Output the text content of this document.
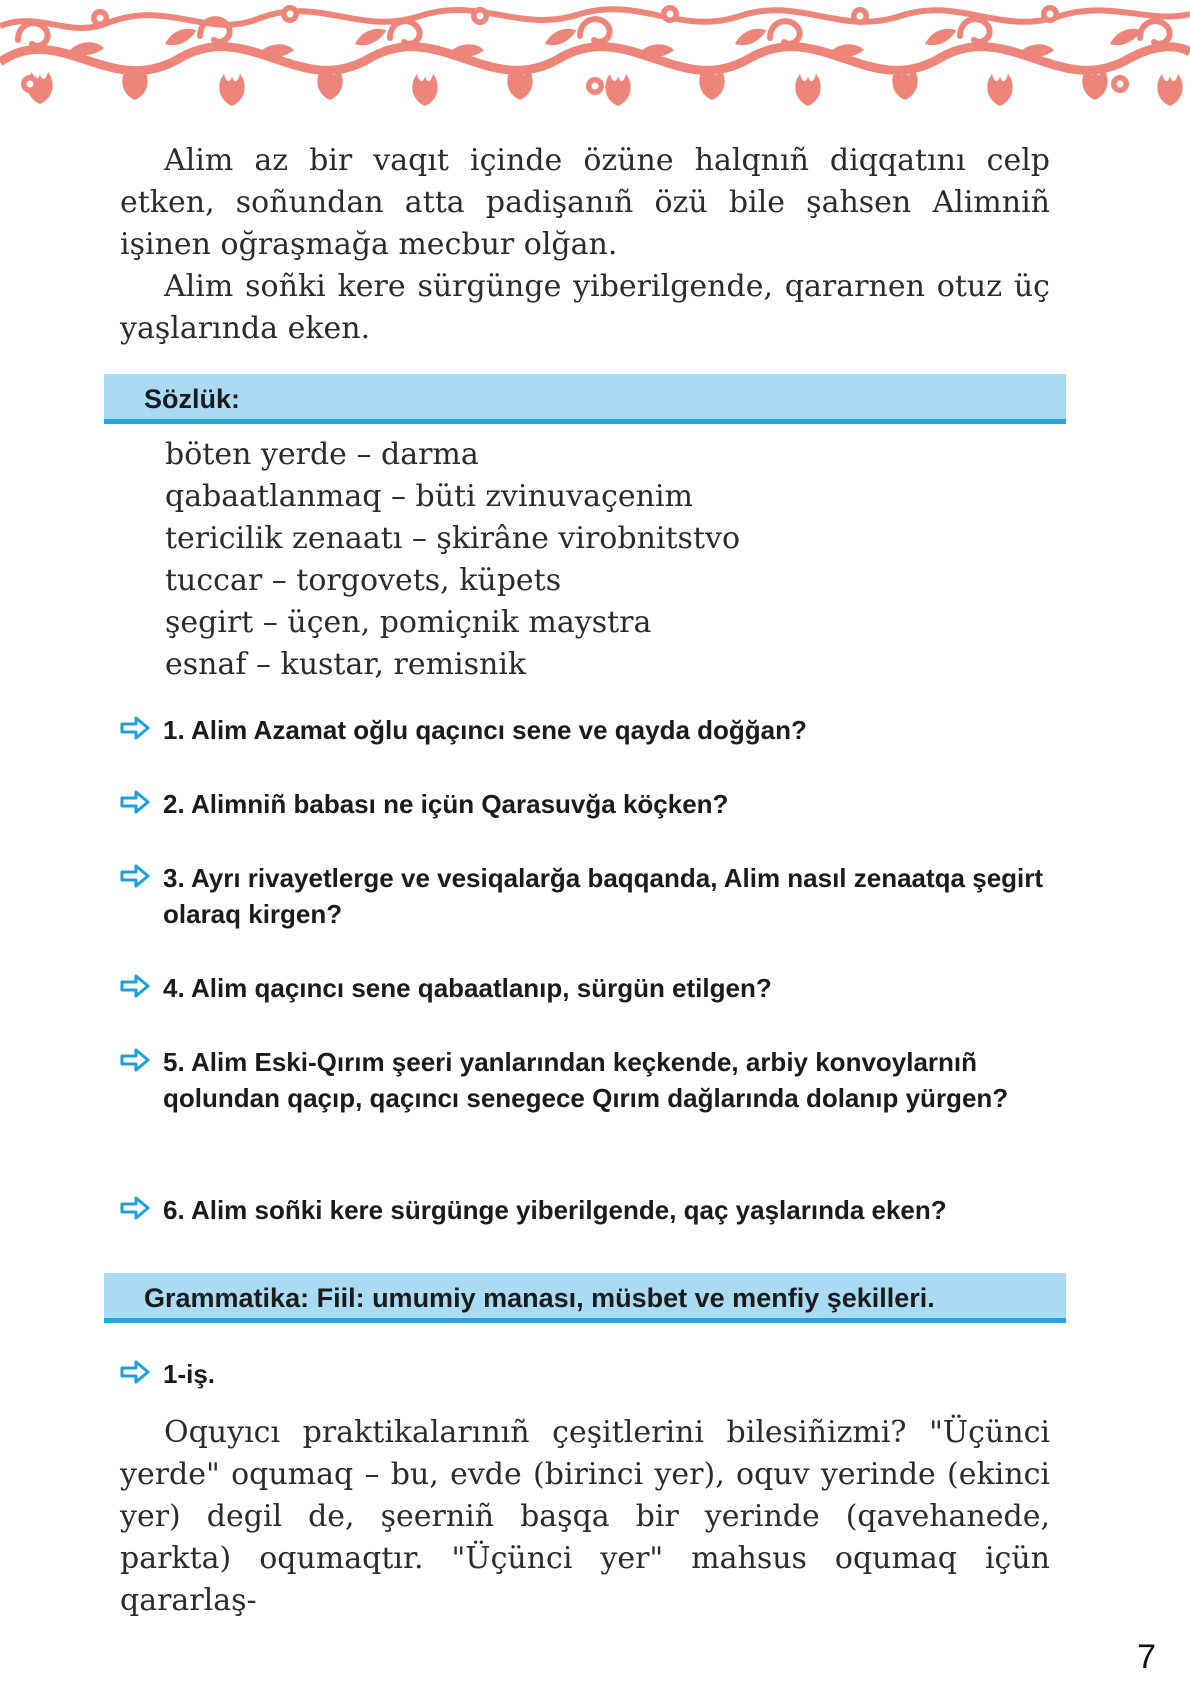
Alim az bir vaqıt içinde özüne halqnıñ diqqatını celp etken, soñundan atta padişanıñ özü bile şahsen Alimniñ işinen oğraşmağa mecbur olğan.

Alim soñki kere sürgünge yiberilgende, qararnen otuz üç yaşlarında eken.

Sözlük:
böten yerde – darma
qabaatlanmaq – büti zvinuvaçenim
tericilik zenaatı – şkirâne virobnitstvo
tuccar – torgovets, küpets
şegirt – üçen, pomiçnik maystra
esnaf – kustar, remisnik
1. Alim Azamat oğlu qaçıncı sene ve qayda doğğan?
2. Alimniñ babası ne içün Qarasuvğa köçken?
3. Ayrı rivayetlerge ve vesiqalarğa baqqanda, Alim nasıl zenaatqa şegirt olaraq kirgen?
4. Alim qaçıncı sene qabaatlanıp, sürgün etilgen?
5. Alim Eski-Qırım şeeri yanlarından keçkende, arbiy konvoylarnıñ qolundan qaçıp, qaçıncı senegece Qırım dağlarında dolanıp yürgen?
6. Alim soñki kere sürgünge yiberilgende, qaç yaşlarında eken?
Grammatika: Fiil: umumiy manası, müsbet ve menfiy şekilleri.
1-iş.

Oquyıcı praktikalarınıñ çeşitlerini bilesiñizmi? "Üçünci yerde" oqumaq – bu, evde (birinci yer), oquv yerinde (ekinci yer) degil de, şeerniñ başqa bir yerinde (qavehanede, parkta) oqumaqtır. "Üçünci yer" mahsus oqumaq içün qararlaş-

7
